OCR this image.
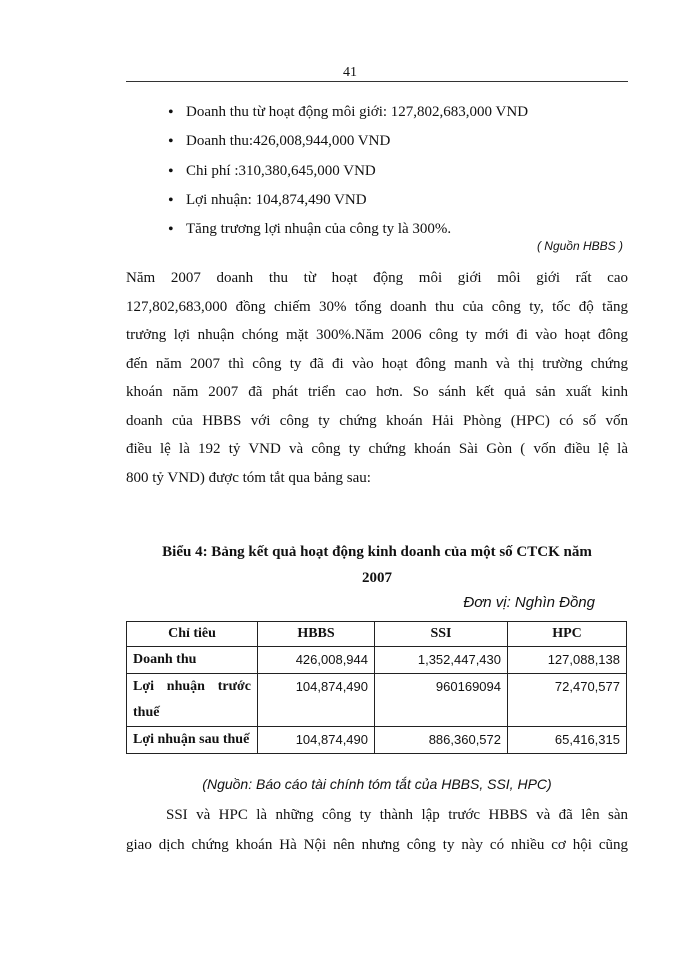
41
• Doanh thu từ hoạt động môi giới: 127,802,683,000 VND
• Doanh thu:426,008,944,000 VND
• Chi phí :310,380,645,000 VND
• Lợi nhuận: 104,874,490 VND
• Tăng trương lợi nhuận của công ty là 300%.
( Nguồn HBBS )
Năm 2007 doanh thu từ hoạt động môi giới môi giới rất cao
127,802,683,000 đồng chiếm 30% tổng doanh thu của công ty, tốc độ tăng
trưởng lợi nhuận chóng mặt 300%.Năm 2006 công ty mới đi vào hoạt đông
đến năm 2007 thì công ty đã đi vào hoạt đông manh và thị trường chứng
khoán năm 2007 đã phát triển cao hơn. So sánh kết quả sản xuất kinh
doanh của HBBS với công ty chứng khoán Hải Phòng (HPC) có số vốn
điều lệ là 192 tỷ VND và công ty chứng khoán Sài Gòn ( vốn điều lệ là
800 tỷ VND) được tóm tắt qua bảng sau:
Biểu 4: Bảng kết quả hoạt động kinh doanh của một số CTCK năm
2007
Đơn vị: Nghìn Đồng
Chỉ tiêu	HBBS	SSI	HPC
Doanh thu	426,008,944	1,352,447,430	127,088,138
Lợi nhuận trước thuế	104,874,490	960169094	72,470,577
Lợi nhuận sau thuế	104,874,490	886,360,572	65,416,315
(Nguồn: Báo cáo tài chính tóm tắt của HBBS, SSI, HPC)
SSI và HPC là những công ty thành lập trước HBBS và đã lên sàn
giao dịch chứng khoán Hà Nội nên nhưng công ty này có nhiều cơ hội cũng
